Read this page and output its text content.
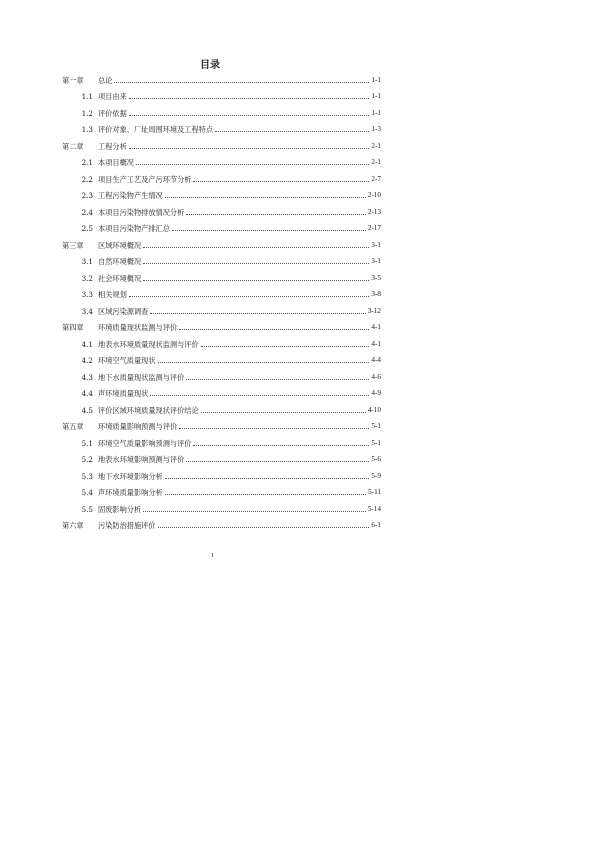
目录
第一章	总论	1-1
1.1 项目由来	1-1
1.2 评价依据	1-1
1.3 评价对象、厂址周围环境及工程特点	1-3
第二章	工程分析	2-1
2.1 本项目概况	2-1
2.2 项目生产工艺及产污环节分析	2-7
2.3 工程污染物产生情况	2-10
2.4 本项目污染物排放情况分析	2-13
2.5 本项目污染物产排汇总	2-17
第三章	区域环境概况	3-1
3.1 自然环境概况	3-1
3.2 社会环境概况	3-5
3.3 相关规划	3-8
3.4 区域污染源调查	3-12
第四章	环境质量现状监测与评价	4-1
4.1 地表水环境质量现状监测与评价	4-1
4.2 环境空气质量现状	4-4
4.3 地下水质量现状监测与评价	4-6
4.4 声环境质量现状	4-9
4.5 评价区域环境质量现状评价结论	4-10
第五章	环境质量影响预测与评价	5-1
5.1 环境空气质量影响预测与评价	5-1
5.2 地表水环境影响预测与评价	5-6
5.3 地下水环境影响分析	5-9
5.4 声环境质量影响分析	5-11
5.5 固废影响分析	5-14
第六章	污染防治措施评价	6-1
I
